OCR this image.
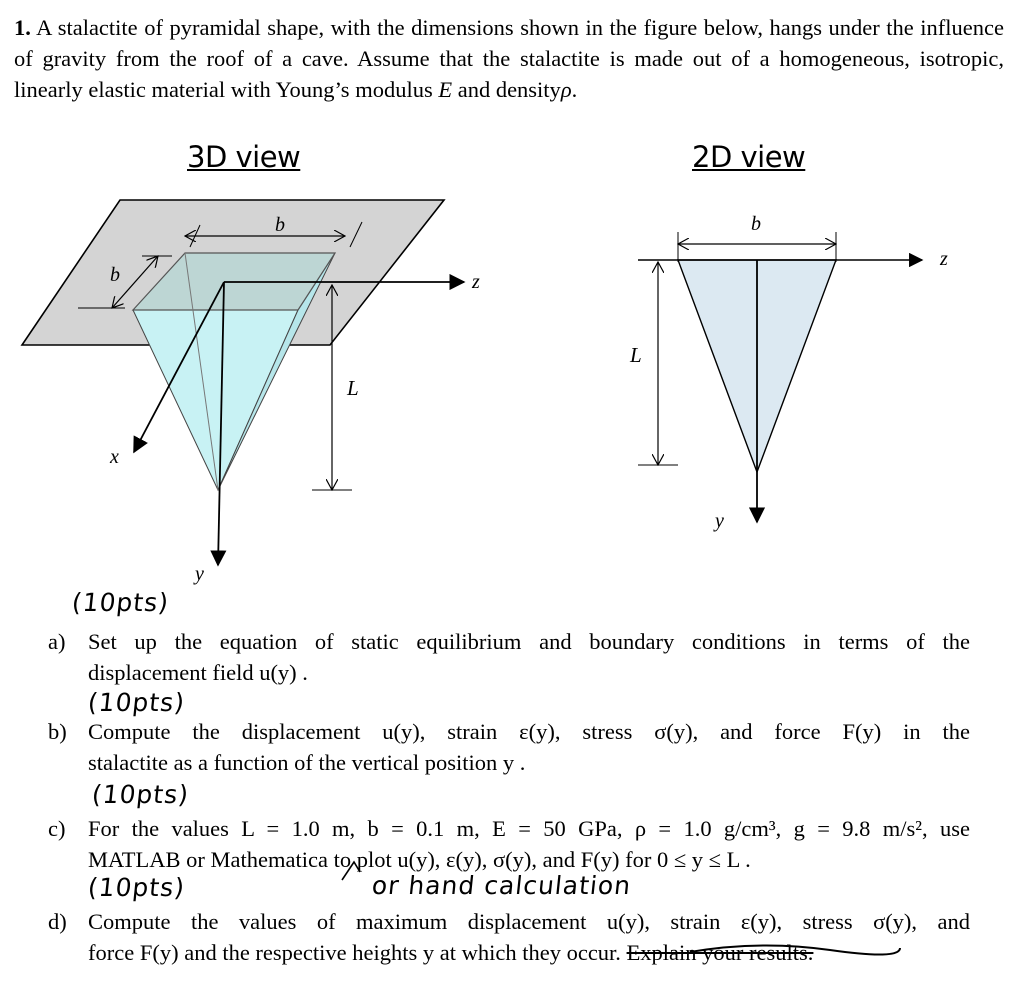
1. A stalactite of pyramidal shape, with the dimensions shown in the figure below, hangs under the influence of gravity from the roof of a cave. Assume that the stalactite is made out of a homogeneous, isotropic, linearly elastic material with Young’s modulus E and densityρ.
3D view	2D view
b
b	z
L
x
y
b
z
L
y
(10pts)
(10pts)
(10pts)
(10pts)	or hand calculation
a) Set up the equation of static equilibrium and boundary conditions in terms of the
displacement field u(y) .
b) Compute the displacement u(y), strain ε(y), stress σ(y), and force F(y) in the
stalactite as a function of the vertical position y .
c) For the values L = 1.0 m, b = 0.1 m, E = 50 GPa, ρ = 1.0 g/cm³, g = 9.8 m/s², use
MATLAB or Mathematica to plot u(y), ε(y), σ(y), and F(y) for 0 ≤ y ≤ L .
d) Compute the values of maximum displacement u(y), strain ε(y), stress σ(y), and
force F(y) and the respective heights y at which they occur. Explain your results.
